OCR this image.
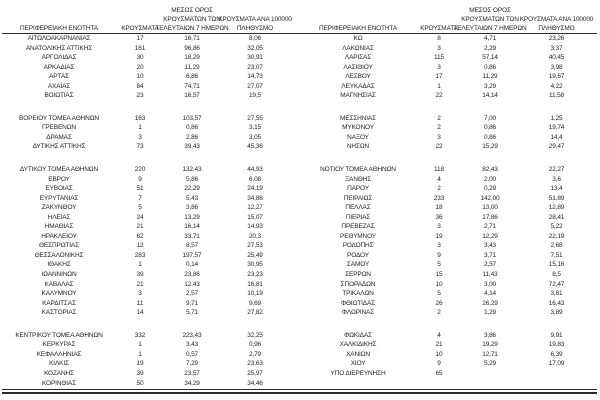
ΠΕΡΙΦΕΡΕΙΑΚΗ ΕΝΟΤΗΤΑ	ΚΡΟΥΣΜΑΤΑ
ΜΕΣΟΣ ΟΡΟΣ
ΚΡΟΥΣΜΑΤΩΝ ΤΩΝ
ΤΕΛΕΥΤΑΙΩΝ 7 ΗΜΕΡΩΝ
ΚΡΟΥΣΜΑΤΑ ΑΝΑ 100000
ΠΛΗΘΥΣΜΟ	ΠΕΡΙΦΕΡΕΙΑΚΗ ΕΝΟΤΗΤΑ	ΚΡΟΥΣΜΑΤΑ
ΜΕΣΟΣ ΟΡΟΣ
ΚΡΟΥΣΜΑΤΩΝ ΤΩΝ
ΤΕΛΕΥΤΑΙΩΝ 7 ΗΜΕΡΩΝ
ΚΡΟΥΣΜΑΤΑ ΑΝΑ 100000
ΠΛΗΘΥΣΜΟ
ΑΙΤΩΛΟΑΚΑΡΝΑΝΙΑΣ	17	16,71	8,06	ΚΩ	8	4,71	23,26
ΑΝΑΤΟΛΙΚΗΣ ΑΤΤΙΚΗΣ	161	96,86	32,05	ΛΑΚΩΝΙΑΣ	3	2,29	3,37
ΑΡΓΟΛΙΔΑΣ	30	18,29	30,91	ΛΑΡΙΣΑΣ	115	57,14	40,45
ΑΡΚΑΔΙΑΣ	20	11,29	23,07	ΛΑΣΙΘΙΟΥ	3	0,86	3,98
ΑΡΤΑΣ	10	6,86	14,73	ΛΕΣΒΟΥ	17	11,29	19,67
ΑΧΑΪΑΣ	84	74,71	27,07	ΛΕΥΚΑΔΑΣ	1	3,29	4,22
ΒΟΙΩΤΙΑΣ	23	16,57	19,5	ΜΑΓΝΗΣΙΑΣ	22	14,14	11,58
ΒΟΡΕΙΟΥ ΤΟΜΕΑ ΑΘΗΝΩΝ	163	103,57	27,55	ΜΕΣΣΗΝΙΑΣ	2	7,00	1,25
ΓΡΕΒΕΝΩΝ	1	0,86	3,15	ΜΥΚΟΝΟΥ	2	0,86	19,74
ΔΡΑΜΑΣ	3	2,86	3,05	ΝΑΞΟΥ	3	0,86	14,4
ΔΥΤΙΚΗΣ ΑΤΤΙΚΗΣ	73	39,43	45,36	ΝΗΣΩΝ	22	15,29	29,47
ΔΥΤΙΚΟΥ ΤΟΜΕΑ ΑΘΗΝΩΝ	220	132,43	44,93	ΝΟΤΙΟΥ ΤΟΜΕΑ ΑΘΗΝΩΝ	118	82,43	22,27
ΕΒΡΟΥ	9	5,86	6,08	ΞΑΝΘΗΣ	4	2,00	3,6
ΕΥΒΟΙΑΣ	51	22,29	24,19	ΠΑΡΟΥ	2	0,29	13,4
ΕΥΡΥΤΑΝΙΑΣ	7	5,43	34,86	ΠΕΙΡΑΙΩΣ	233	142,00	51,89
ΖΑΚΥΝΘΟΥ	5	3,86	12,27	ΠΕΛΛΑΣ	18	13,00	12,89
ΗΛΕΙΑΣ	24	13,29	15,07	ΠΙΕΡΙΑΣ	36	17,86	28,41
ΗΜΑΘΙΑΣ	21	16,14	14,93	ΠΡΕΒΕΖΑΣ	3	2,71	5,22
ΗΡΑΚΛΕΙΟΥ	62	33,71	20,3	ΡΕΘΥΜΝΟΥ	19	12,29	22,19
ΘΕΣΠΡΩΤΙΑΣ	12	8,57	27,53	ΡΟΔΟΠΗΣ	3	3,43	2,68
ΘΕΣΣΑΛΟΝΙΚΗΣ	283	197,57	25,49	ΡΟΔΟΥ	9	3,71	7,51
ΙΘΑΚΗΣ	1	0,14	30,95	ΣΑΜΟΥ	5	2,57	15,16
ΙΩΑΝΝΙΝΩΝ	39	23,86	23,23	ΣΕΡΡΩΝ	15	11,43	8,5
ΚΑΒΑΛΑΣ	21	12,43	16,81	ΣΠΟΡΑΔΩΝ	10	3,00	72,47
ΚΑΛΥΜΝΟΥ	3	2,57	10,19	ΤΡΙΚΑΛΩΝ	5	4,14	3,81
ΚΑΡΔΙΤΣΑΣ	11	9,71	9,69	ΦΘΙΩΤΙΔΑΣ	26	26,29	16,43
ΚΑΣΤΟΡΙΑΣ	14	5,71	27,82	ΦΛΩΡΙΝΑΣ	2	1,29	3,89
ΚΕΝΤΡΙΚΟΥ ΤΟΜΕΑ ΑΘΗΝΩΝ	332	223,43	32,25	ΦΩΚΙΔΑΣ	4	3,86	9,91
ΚΕΡΚΥΡΑΣ	1	3,43	0,96	ΧΑΛΚΙΔΙΚΗΣ	21	19,29	19,83
ΚΕΦΑΛΛΗΝΙΑΣ	1	0,57	2,79	ΧΑΝΙΩΝ	10	12,71	6,39
ΚΙΛΚΙΣ	19	7,29	23,63	ΧΙΟΥ	9	5,29	17,09
ΚΟΖΑΝΗΣ	39	23,57	25,97	ΥΠΟ ΔΙΕΡΕΥΝΗΣΗ	65
ΚΟΡΙΝΘΙΑΣ	50	34,29	34,46
